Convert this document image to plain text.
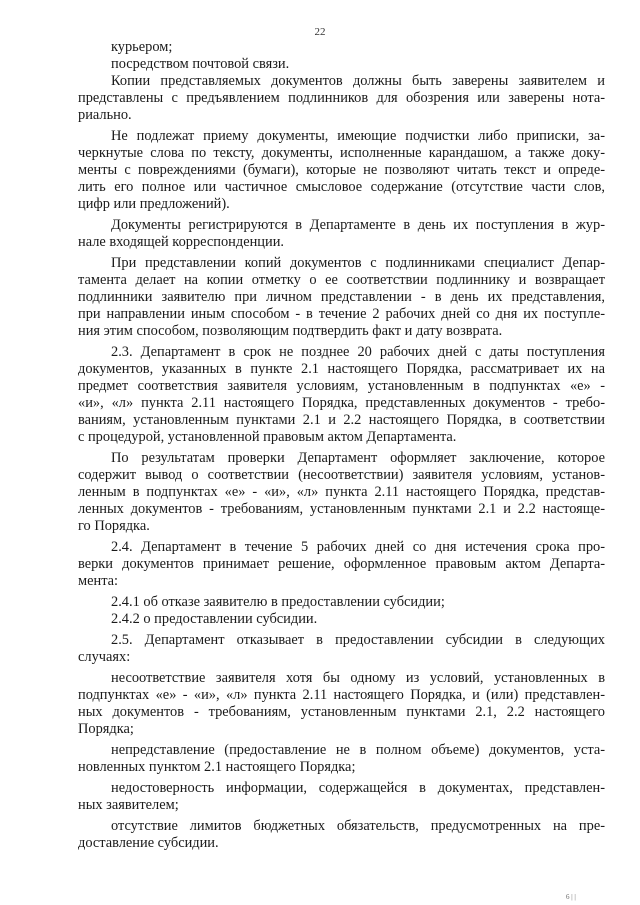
22
курьером;
посредством почтовой связи.
Копии представляемых документов должны быть заверены заявителем и
представлены с предъявлением подлинников для обозрения или заверены нота-
риально.
Не подлежат приему документы, имеющие подчистки либо приписки, за-
черкнутые слова по тексту, документы, исполненные карандашом, а также доку-
менты с повреждениями (бумаги), которые не позволяют читать текст и опреде-
лить его полное или частичное смысловое содержание (отсутствие части слов,
цифр или предложений).
Документы регистрируются в Департаменте в день их поступления в жур-
нале входящей корреспонденции.
При представлении копий документов с подлинниками специалист Депар-
тамента делает на копии отметку о ее соответствии подлиннику и возвращает
подлинники заявителю при личном представлении - в день их представления,
при направлении иным способом - в течение 2 рабочих дней со дня их поступле-
ния этим способом, позволяющим подтвердить факт и дату возврата.
2.3. Департамент в срок не позднее 20 рабочих дней с даты поступления
документов, указанных в пункте 2.1 настоящего Порядка, рассматривает их на
предмет соответствия заявителя условиям, установленным в подпунктах «е» -
«и», «л» пункта 2.11 настоящего Порядка, представленных документов - требо-
ваниям, установленным пунктами 2.1 и 2.2 настоящего Порядка, в соответствии
с процедурой, установленной правовым актом Департамента.
По результатам проверки Департамент оформляет заключение, которое
содержит вывод о соответствии (несоответствии) заявителя условиям, установ-
ленным в подпунктах «е» - «и», «л» пункта 2.11 настоящего Порядка, представ-
ленных документов - требованиям, установленным пунктами 2.1 и 2.2 настояще-
го Порядка.
2.4. Департамент в течение 5 рабочих дней со дня истечения срока про-
верки документов принимает решение, оформленное правовым актом Департа-
мента:
2.4.1 об отказе заявителю в предоставлении субсидии;
2.4.2 о предоставлении субсидии.
2.5. Департамент отказывает в предоставлении субсидии в следующих
случаях:
несоответствие заявителя хотя бы одному из условий, установленных в
подпунктах «е» - «и», «л» пункта 2.11 настоящего Порядка, и (или) представлен-
ных документов - требованиям, установленным пунктами 2.1, 2.2 настоящего
Порядка;
непредставление (предоставление не в полном объеме) документов, уста-
новленных пунктом 2.1 настоящего Порядка;
недостоверность информации, содержащейся в документах, представлен-
ных заявителем;
отсутствие лимитов бюджетных обязательств, предусмотренных на пре-
доставление субсидии.
6 | |
